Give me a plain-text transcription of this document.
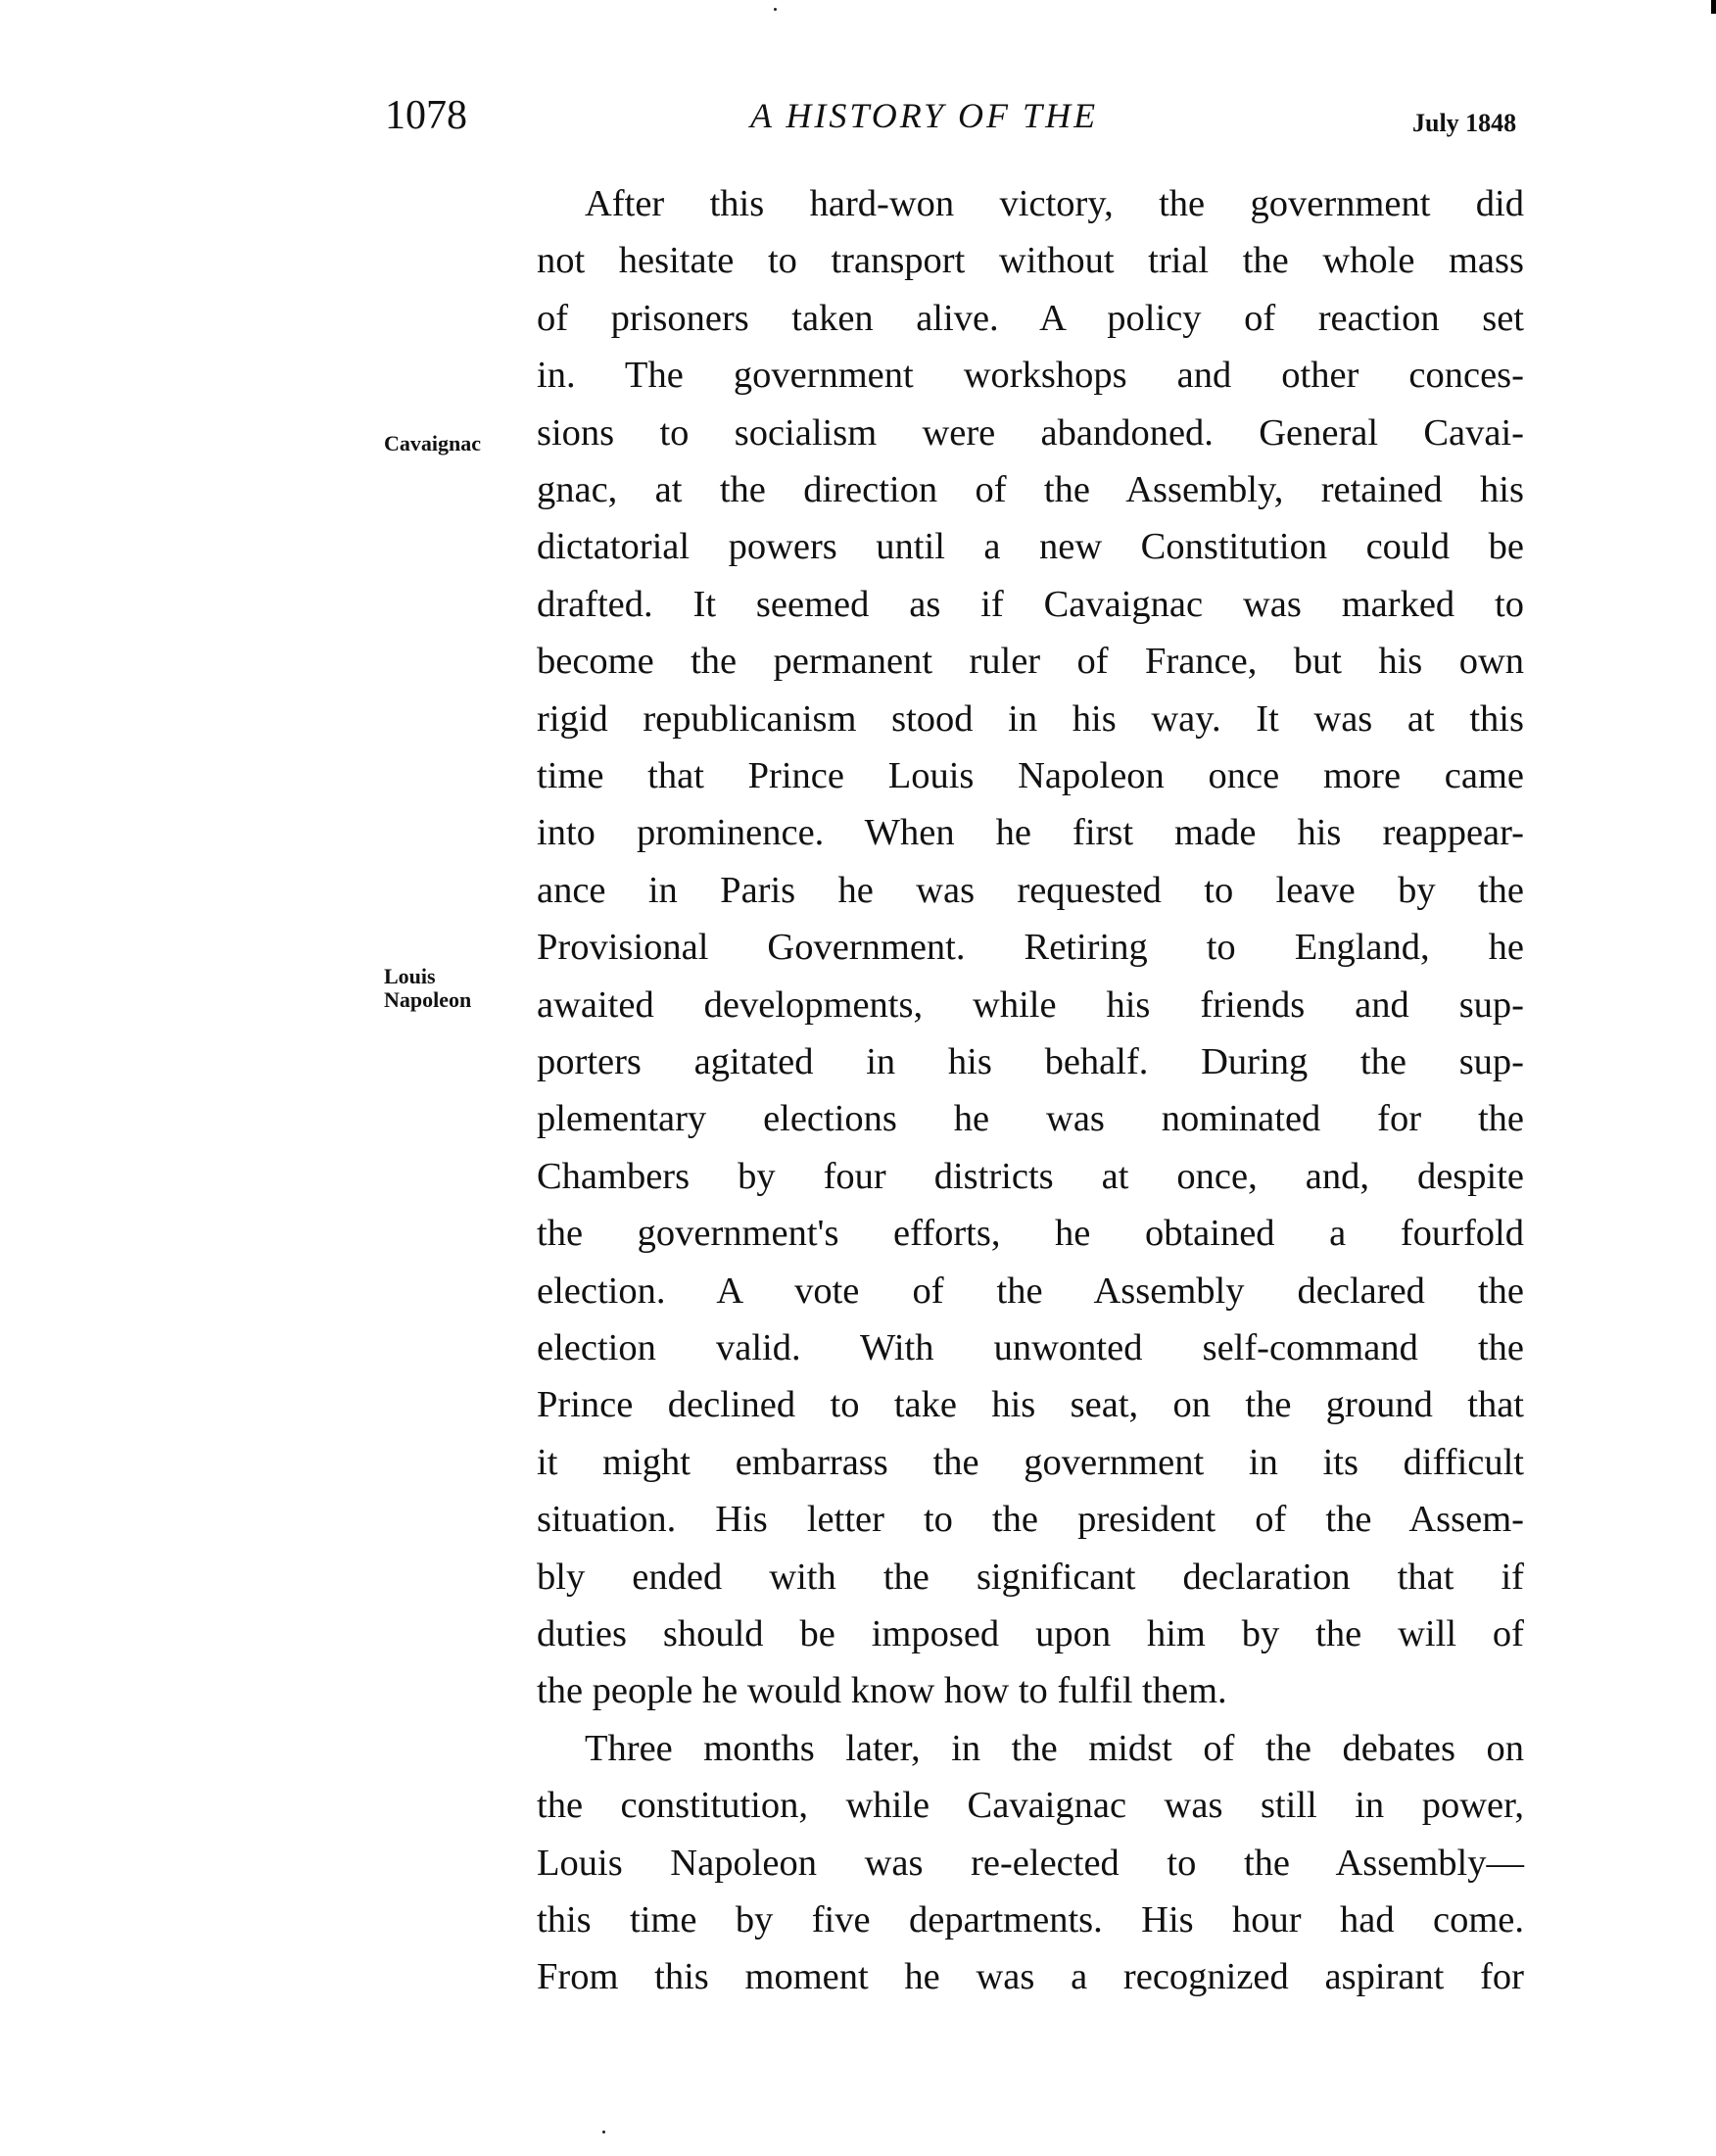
1078	A HISTORY OF THE	July 1848
After this hard-won victory, the government did
not hesitate to transport without trial the whole mass
of prisoners taken alive. A policy of reaction set
in. The government workshops and other conces-
sions to socialism were abandoned. General Cavai-
gnac, at the direction of the Assembly, retained his
dictatorial powers until a new Constitution could be
drafted. It seemed as if Cavaignac was marked to
become the permanent ruler of France, but his own
rigid republicanism stood in his way. It was at this
time that Prince Louis Napoleon once more came
into prominence. When he first made his reappear-
ance in Paris he was requested to leave by the
Provisional Government. Retiring to England, he
awaited developments, while his friends and sup-
porters agitated in his behalf. During the sup-
plementary elections he was nominated for the
Chambers by four districts at once, and, despite
the government's efforts, he obtained a fourfold
election. A vote of the Assembly declared the
election valid. With unwonted self-command the
Prince declined to take his seat, on the ground that
it might embarrass the government in its difficult
situation. His letter to the president of the Assem-
bly ended with the significant declaration that if
duties should be imposed upon him by the will of
the people he would know how to fulfil them.
Three months later, in the midst of the debates on
the constitution, while Cavaignac was still in power,
Louis Napoleon was re-elected to the Assembly—
this time by five departments. His hour had come.
From this moment he was a recognized aspirant for
Cavaignac
Louis
Napoleon
